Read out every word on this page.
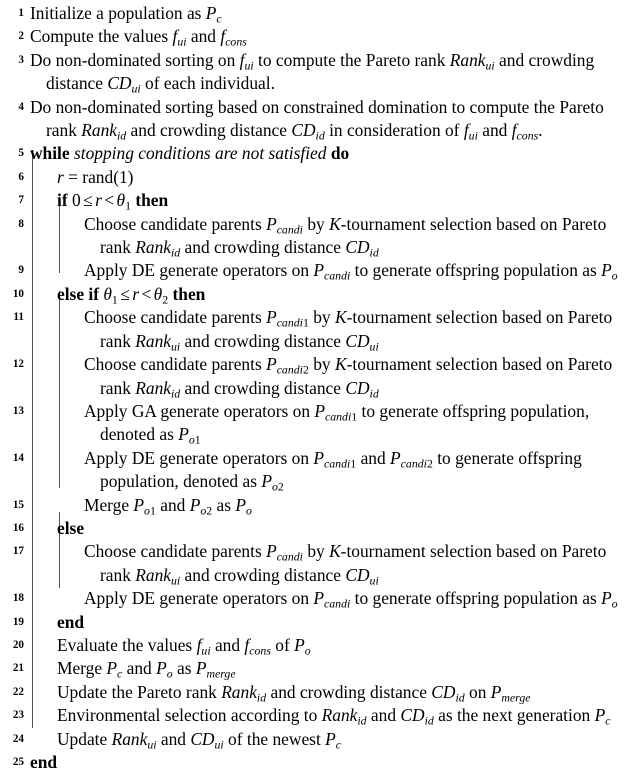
1 Initialize a population as $P_c$
2 Compute the values $f_{ui}$ and $f_{cons}$
3 Do non-dominated sorting on $f_{ui}$ to compute the Pareto rank Rank$_{ui}$ and crowding distance $CD_{ui}$ of each individual.
4 Do non-dominated sorting based on constrained domination to compute the Pareto rank Rank$_{id}$ and crowding distance $CD_{id}$ in consideration of $f_{ui}$ and $f_{cons}$.
5 while stopping conditions are not satisfied do
6 r = rand(1)
7 if $0 \le r < \theta_1$ then
8	Choose candidate parents $P_{candi}$ by K-tournament selection based on Pareto rank Rank$_{id}$ and crowding distance $CD_{id}$
9	Apply DE generate operators on $P_{candi}$ to generate offspring population as $P_o$
10 else if $\theta_1 \le r < \theta_2$ then
11	Choose candidate parents $P_{candi1}$ by K-tournament selection based on Pareto rank Rank$_{ui}$ and crowding distance $CD_{ui}$
12	Choose candidate parents $P_{candi2}$ by K-tournament selection based on Pareto rank Rank$_{id}$ and crowding distance $CD_{id}$
13	Apply GA generate operators on $P_{candi1}$ to generate offspring population, denoted as $P_{o1}$
14	Apply DE generate operators on $P_{candi1}$ and $P_{candi2}$ to generate offspring population, denoted as $P_{o2}$
15	Merge $P_{o1}$ and $P_{o2}$ as $P_o$
16 else
17	Choose candidate parents $P_{candi}$ by K-tournament selection based on Pareto rank Rank$_{ui}$ and crowding distance $CD_{ui}$
18	Apply DE generate operators on $P_{candi}$ to generate offspring population as $P_o$
19 end
20 Evaluate the values $f_{ui}$ and $f_{cons}$ of $P_o$
21 Merge $P_c$ and $P_o$ as $P_{merge}$
22 Update the Pareto rank Rank$_{id}$ and crowding distance $CD_{id}$ on $P_{merge}$
23 Environmental selection according to Rank$_{id}$ and $CD_{id}$ as the next generation $P_c$
24 Update Rank$_{ui}$ and $CD_{ui}$ of the newest $P_c$
25 end
